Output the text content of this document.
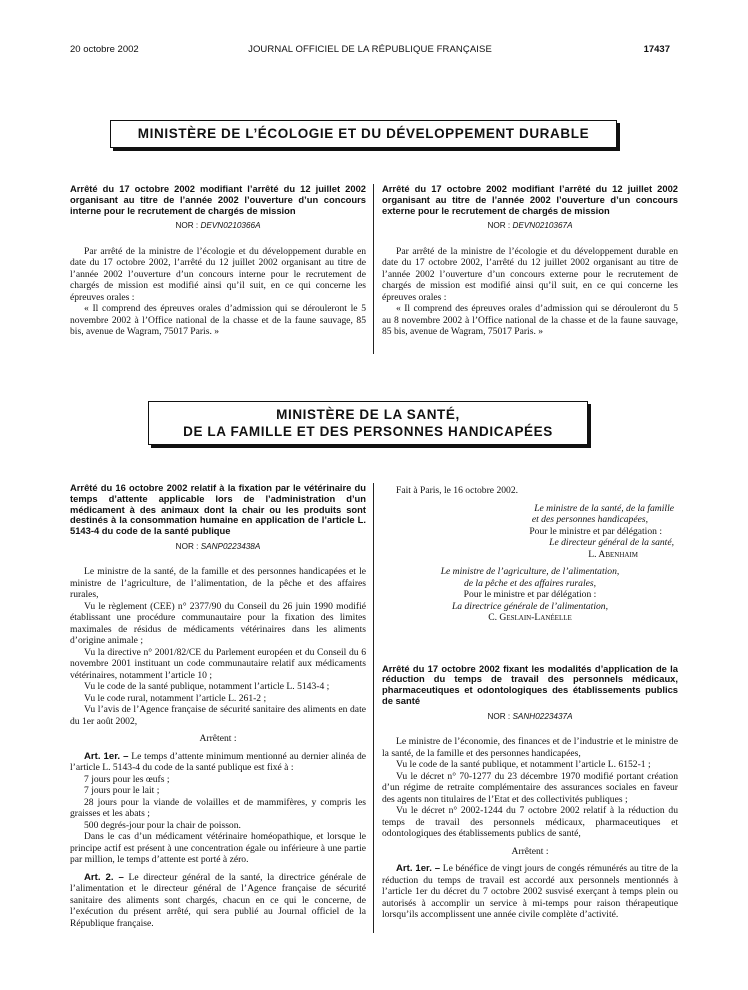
20 octobre 2002	JOURNAL OFFICIEL DE LA RÉPUBLIQUE FRANÇAISE	17437
MINISTÈRE DE L’ÉCOLOGIE ET DU DÉVELOPPEMENT DURABLE
Arrêté du 17 octobre 2002 modifiant l’arrêté du 12 juillet 2002 organisant au titre de l’année 2002 l’ouverture d’un concours interne pour le recrutement de chargés de mission
NOR : DEVN0210366A

Par arrêté de la ministre de l’écologie et du développement durable en date du 17 octobre 2002, l’arrêté du 12 juillet 2002 organisant au titre de l’année 2002 l’ouverture d’un concours interne pour le recrutement de chargés de mission est modifié ainsi qu’il suit, en ce qui concerne les épreuves orales :

« Il comprend des épreuves orales d’admission qui se dérouleront le 5 novembre 2002 à l’Office national de la chasse et de la faune sauvage, 85 bis, avenue de Wagram, 75017 Paris. »

Arrêté du 17 octobre 2002 modifiant l’arrêté du 12 juillet 2002 organisant au titre de l’année 2002 l’ouverture d’un concours externe pour le recrutement de chargés de mission
NOR : DEVN0210367A

Par arrêté de la ministre de l’écologie et du développement durable en date du 17 octobre 2002, l’arrêté du 12 juillet 2002 organisant au titre de l’année 2002 l’ouverture d’un concours externe pour le recrutement de chargés de mission est modifié ainsi qu’il suit, en ce qui concerne les épreuves orales :

« Il comprend des épreuves orales d’admission qui se dérouleront du 5 au 8 novembre 2002 à l’Office national de la chasse et de la faune sauvage, 85 bis, avenue de Wagram, 75017 Paris. »

MINISTÈRE DE LA SANTÉ,
DE LA FAMILLE ET DES PERSONNES HANDICAPÉES
Arrêté du 16 octobre 2002 relatif à la fixation par le vétérinaire du temps d’attente applicable lors de l’administration d’un médicament à des animaux dont la chair ou les produits sont destinés à la consommation humaine en application de l’article L. 5143-4 du code de la santé publique
NOR : SANP0223438A

Le ministre de la santé, de la famille et des personnes handicapées et le ministre de l’agriculture, de l’alimentation, de la pêche et des affaires rurales,

Vu le règlement (CEE) n° 2377/90 du Conseil du 26 juin 1990 modifié établissant une procédure communautaire pour la fixation des limites maximales de résidus de médicaments vétérinaires dans les aliments d’origine animale ;

Vu la directive n° 2001/82/CE du Parlement européen et du Conseil du 6 novembre 2001 instituant un code communautaire relatif aux médicaments vétérinaires, notamment l’article 10 ;

Vu le code de la santé publique, notamment l’article L. 5143-4 ;

Vu le code rural, notamment l’article L. 261-2 ;

Vu l’avis de l’Agence française de sécurité sanitaire des aliments en date du 1er août 2002,

Arrêtent :

Art. 1er. – Le temps d’attente minimum mentionné au dernier alinéa de l’article L. 5143-4 du code de la santé publique est fixé à :

7 jours pour les œufs ;

7 jours pour le lait ;

28 jours pour la viande de volailles et de mammifères, y compris les graisses et les abats ;

500 degrés-jour pour la chair de poisson.

Dans le cas d’un médicament vétérinaire homéopathique, et lorsque le principe actif est présent à une concentration égale ou inférieure à une partie par million, le temps d’attente est porté à zéro.

Art. 2. – Le directeur général de la santé, la directrice générale de l’alimentation et le directeur général de l’Agence française de sécurité sanitaire des aliments sont chargés, chacun en ce qui le concerne, de l’exécution du présent arrêté, qui sera publié au Journal officiel de la République française.

Fait à Paris, le 16 octobre 2002.

Le ministre de la santé, de la famille

et des personnes handicapées,

Pour le ministre et par délégation :

Le directeur général de la santé,

L. Abenhaim

Le ministre de l’agriculture, de l’alimentation,

de la pêche et des affaires rurales,

Pour le ministre et par délégation :

La directrice générale de l’alimentation,

C. Geslain-Lanéelle

Arrêté du 17 octobre 2002 fixant les modalités d’application de la réduction du temps de travail des personnels médicaux, pharmaceutiques et odontologiques des établissements publics de santé
NOR : SANH0223437A

Le ministre de l’économie, des finances et de l’industrie et le ministre de la santé, de la famille et des personnes handicapées,

Vu le code de la santé publique, et notamment l’article L. 6152-1 ;

Vu le décret n° 70-1277 du 23 décembre 1970 modifié portant création d’un régime de retraite complémentaire des assurances sociales en faveur des agents non titulaires de l’Etat et des collectivités publiques ;

Vu le décret n° 2002-1244 du 7 octobre 2002 relatif à la réduction du temps de travail des personnels médicaux, pharmaceutiques et odontologiques des établissements publics de santé,

Arrêtent :

Art. 1er. – Le bénéfice de vingt jours de congés rémunérés au titre de la réduction du temps de travail est accordé aux personnels mentionnés à l’article 1er du décret du 7 octobre 2002 susvisé exerçant à temps plein ou autorisés à accomplir un service à mi-temps pour raison thérapeutique lorsqu’ils accomplissent une année civile complète d’activité.
